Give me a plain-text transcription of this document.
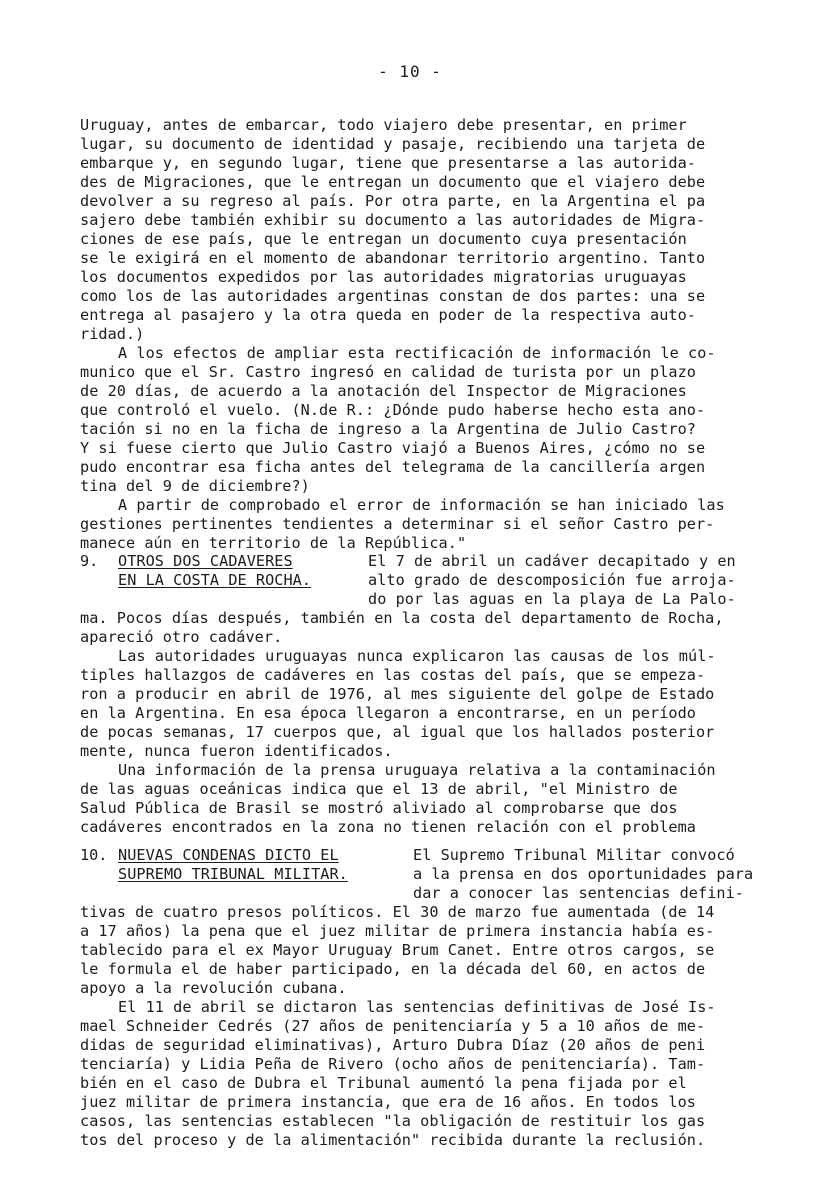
- 10 -
Uruguay, antes de embarcar, todo viajero debe presentar, en primer
lugar, su documento de identidad y pasaje, recibiendo una tarjeta de
embarque y, en segundo lugar, tiene que presentarse a las autorida-
des de Migraciones, que le entregan un documento que el viajero debe
devolver a su regreso al país. Por otra parte, en la Argentina el pa
sajero debe también exhibir su documento a las autoridades de Migra-
ciones de ese país, que le entregan un documento cuya presentación
se le exigirá en el momento de abandonar territorio argentino. Tanto
los documentos expedidos por las autoridades migratorias uruguayas
como los de las autoridades argentinas constan de dos partes: una se
entrega al pasajero y la otra queda en poder de la respectiva auto-
ridad.)
A los efectos de ampliar esta rectificación de información le co-
munico que el Sr. Castro ingresó en calidad de turista por un plazo
de 20 días, de acuerdo a la anotación del Inspector de Migraciones
que controló el vuelo. (N.de R.: ¿Dónde pudo haberse hecho esta ano-
tación si no en la ficha de ingreso a la Argentina de Julio Castro?
Y si fuese cierto que Julio Castro viajó a Buenos Aires, ¿cómo no se
pudo encontrar esa ficha antes del telegrama de la cancillería argen
tina del 9 de diciembre?)
A partir de comprobado el error de información se han iniciado las
gestiones pertinentes tendientes a determinar si el señor Castro per-
manece aún en territorio de la República."
9. OTROS DOS CADAVERES
EN LA COSTA DE ROCHA.
El 7 de abril un cadáver decapitado y en
alto grado de descomposición fue arroja-
do por las aguas en la playa de La Palo-
ma. Pocos días después, también en la costa del departamento de Rocha,
apareció otro cadáver.
Las autoridades uruguayas nunca explicaron las causas de los múl-
tiples hallazgos de cadáveres en las costas del país, que se empeza-
ron a producir en abril de 1976, al mes siguiente del golpe de Estado
en la Argentina. En esa época llegaron a encontrarse, en un período
de pocas semanas, 17 cuerpos que, al igual que los hallados posterior
mente, nunca fueron identificados.
Una información de la prensa uruguaya relativa a la contaminación
de las aguas oceánicas indica que el 13 de abril, "el Ministro de
Salud Pública de Brasil se mostró aliviado al comprobarse que dos
cadáveres encontrados en la zona no tienen relación con el problema
10. NUEVAS CONDENAS DICTO EL
SUPREMO TRIBUNAL MILITAR.
El Supremo Tribunal Militar convocó
a la prensa en dos oportunidades para
dar a conocer las sentencias defini-
tivas de cuatro presos políticos. El 30 de marzo fue aumentada (de 14
a 17 años) la pena que el juez militar de primera instancia había es-
tablecido para el ex Mayor Uruguay Brum Canet. Entre otros cargos, se
le formula el de haber participado, en la década del 60, en actos de
apoyo a la revolución cubana.
El 11 de abril se dictaron las sentencias definitivas de José Is-
mael Schneider Cedrés (27 años de penitenciaría y 5 a 10 años de me-
didas de seguridad eliminativas), Arturo Dubra Díaz (20 años de peni
tenciaría) y Lidia Peña de Rivero (ocho años de penitenciaría). Tam-
bién en el caso de Dubra el Tribunal aumentó la pena fijada por el
juez militar de primera instancia, que era de 16 años. En todos los
casos, las sentencias establecen "la obligación de restituir los gas
tos del proceso y de la alimentación" recibida durante la reclusión.
